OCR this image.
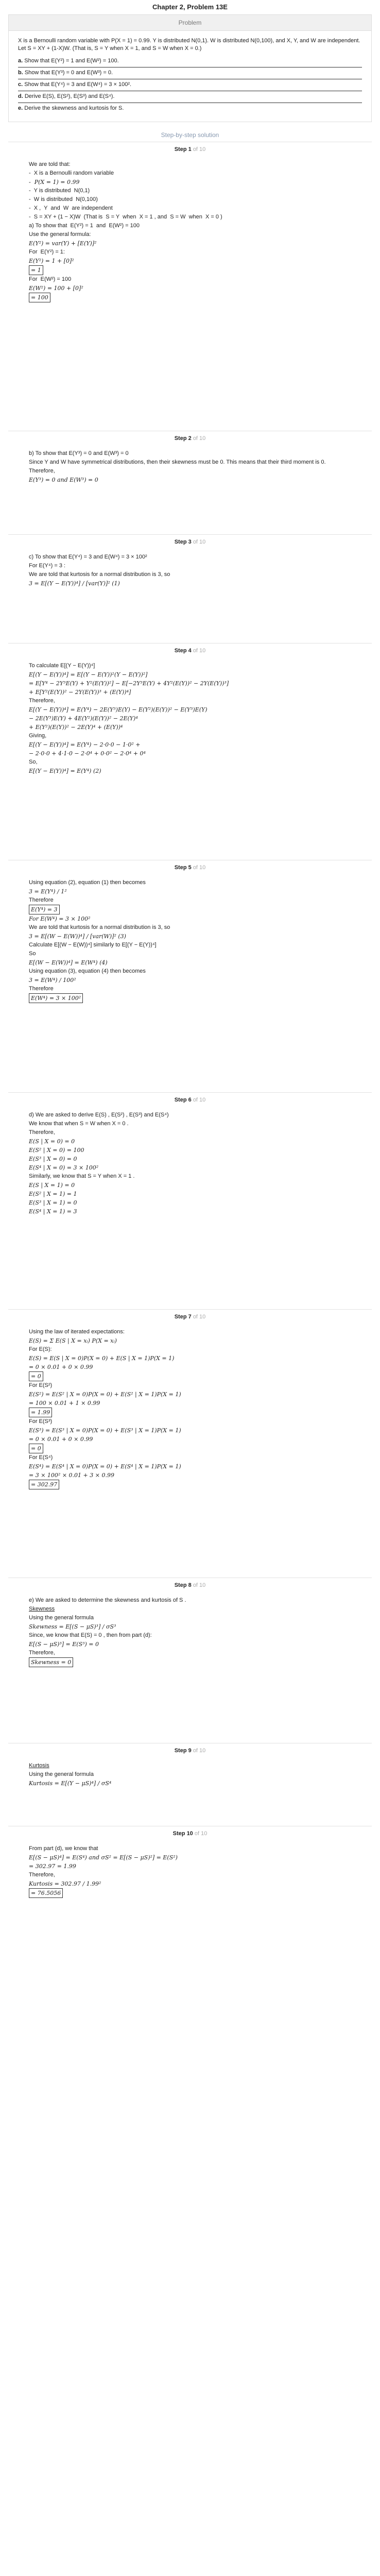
Chapter 2, Problem 13E
Problem
X is a Bernoulli random variable with P(X = 1) = 0.99. Y is distributed N(0,1). W is distributed N(0,100), and X, Y, and W are independent. Let S = XY + (1-X)W. (That is, S = Y when X = 1, and S = W when X = 0.)
a. Show that E(Y²) = 1 and E(W²) = 100.
b. Show that E(Y³) = 0 and E(W³) = 0.
c. Show that E(Y⁴) = 3 and E(W⁴) = 3 × 100².
d. Derive E(S), E(S²), E(S³) and E(S⁴).
e. Derive the skewness and kurtosis for S.
Step-by-step solution
Step 1 of 10
We are told that:
-  X is a Bernoulli random variable
-  P(X = 1) = 0.99
-  Y is distributed  N(0,1)
-  W is distributed  N(0,100)
-  X ,  Y  and  W  are independent
-  S = XY + (1 − X)W  (That is  S = Y  when  X = 1 , and  S = W  when  X = 0 )
a) To show that  E(Y²) = 1  and  E(W²) = 100
Use the general formula:
E(Y²) = var(Y) + [E(Y)]²
For  E(Y²) = 1:
E(Y²) = 1 + [0]²
= 1
For  E(W²) = 100
E(W²) = 100 + [0]²
= 100
Step 2 of 10
b) To show that E(Y³) = 0 and E(W³) = 0
Since Y and W have symmetrical distributions, then their skewness must be 0. This means that their third moment is 0.
Therefore,
E(Y³) = 0 and E(W³) = 0
Step 3 of 10
c) To show that E(Y⁴) = 3 and E(W⁴) = 3 × 100²
For E(Y⁴) = 3 :
We are told that kurtosis for a normal distribution is 3, so
3 = E[(Y − E(Y))⁴] / [var(Y)]² (1)
Step 4 of 10
To calculate E[(Y − E(Y))⁴]
E[(Y − E(Y))⁴] = E[(Y − E(Y))²(Y − E(Y))²]
= E[Y⁴ − 2Y³E(Y) + Y²(E(Y))²] − E[−2Y³E(Y) + 4Y²(E(Y))² − 2Y(E(Y))³]
+ E[Y²(E(Y))² − 2Y(E(Y))³ + (E(Y))⁴]
Therefore,
E[(Y − E(Y))⁴] = E(Y⁴) − 2E(Y³)E(Y) − E(Y²)(E(Y))² − E(Y³)E(Y)
− 2E(Y³)E(Y) + 4E(Y²)(E(Y))² − 2E(Y)⁴
+ E(Y²)(E(Y))² − 2E(Y)⁴ + (E(Y))⁴
Giving,
E[(Y − E(Y))⁴] = E(Y⁴) − 2·0·0 − 1·0² +
− 2·0·0 + 4·1·0 − 2·0⁴ + 0·0² − 2·0⁴ + 0⁴
So,
E[(Y − E(Y))⁴] = E(Y⁴) (2)
Step 5 of 10
Using equation (2), equation (1) then becomes
3 = E(Y⁴) / 1²
Therefore
E(Y⁴) = 3
For E(W⁴) = 3 × 100²
We are told that kurtosis for a normal distribution is 3, so
3 = E[(W − E(W))⁴] / [var(W)]² (3)
Calculate E[(W − E(W))⁴] similarly to E[(Y − E(Y))⁴]
So
E[(W − E(W))⁴] = E(W⁴) (4)
Using equation (3), equation (4) then becomes
3 = E(W⁴) / 100²
Therefore
E(W⁴) = 3 × 100²
Step 6 of 10
d) We are asked to derive E(S) , E(S²) , E(S³) and E(S⁴)
We know that when S = W when X = 0 .
Therefore,
E(S | X = 0) = 0
E(S² | X = 0) = 100
E(S³ | X = 0) = 0
E(S⁴ | X = 0) = 3 × 100²
Similarly, we know that S = Y when X = 1 .
E(S | X = 1) = 0
E(S² | X = 1) = 1
E(S³ | X = 1) = 0
E(S⁴ | X = 1) = 3
Step 7 of 10
Using the law of iterated expectations:
E(S) = Σ E(S | X = xᵢ) P(X = xᵢ)
For E(S):
E(S) = E(S | X = 0)P(X = 0) + E(S | X = 1)P(X = 1)
= 0 × 0.01 + 0 × 0.99
= 0
For E(S²)
E(S²) = E(S² | X = 0)P(X = 0) + E(S² | X = 1)P(X = 1)
= 100 × 0.01 + 1 × 0.99
= 1.99
For E(S³)
E(S³) = E(S³ | X = 0)P(X = 0) + E(S³ | X = 1)P(X = 1)
= 0 × 0.01 + 0 × 0.99
= 0
For E(S⁴)
E(S⁴) = E(S⁴ | X = 0)P(X = 0) + E(S⁴ | X = 1)P(X = 1)
= 3 × 100² × 0.01 + 3 × 0.99
= 302.97
Step 8 of 10
e) We are asked to determine the skewness and kurtosis of S .
Skewness
Using the general formula
Skewness = E[(S − μS)³] / σS³
Since, we know that E(S) = 0 , then from part (d):
E[(S − μS)³] = E(S³) = 0
Therefore,
Skewness = 0
Step 9 of 10
Kurtosis
Using the general formula
Kurtosis = E[(Y − μS)⁴] / σS⁴
Step 10 of 10
From part (d), we know that
E[(S − μS)⁴] = E(S⁴) and σS² = E[(S − μS)²] = E(S²)
= 302.97 = 1.99
Therefore,
Kurtosis = 302.97 / 1.99²
= 76.5056
